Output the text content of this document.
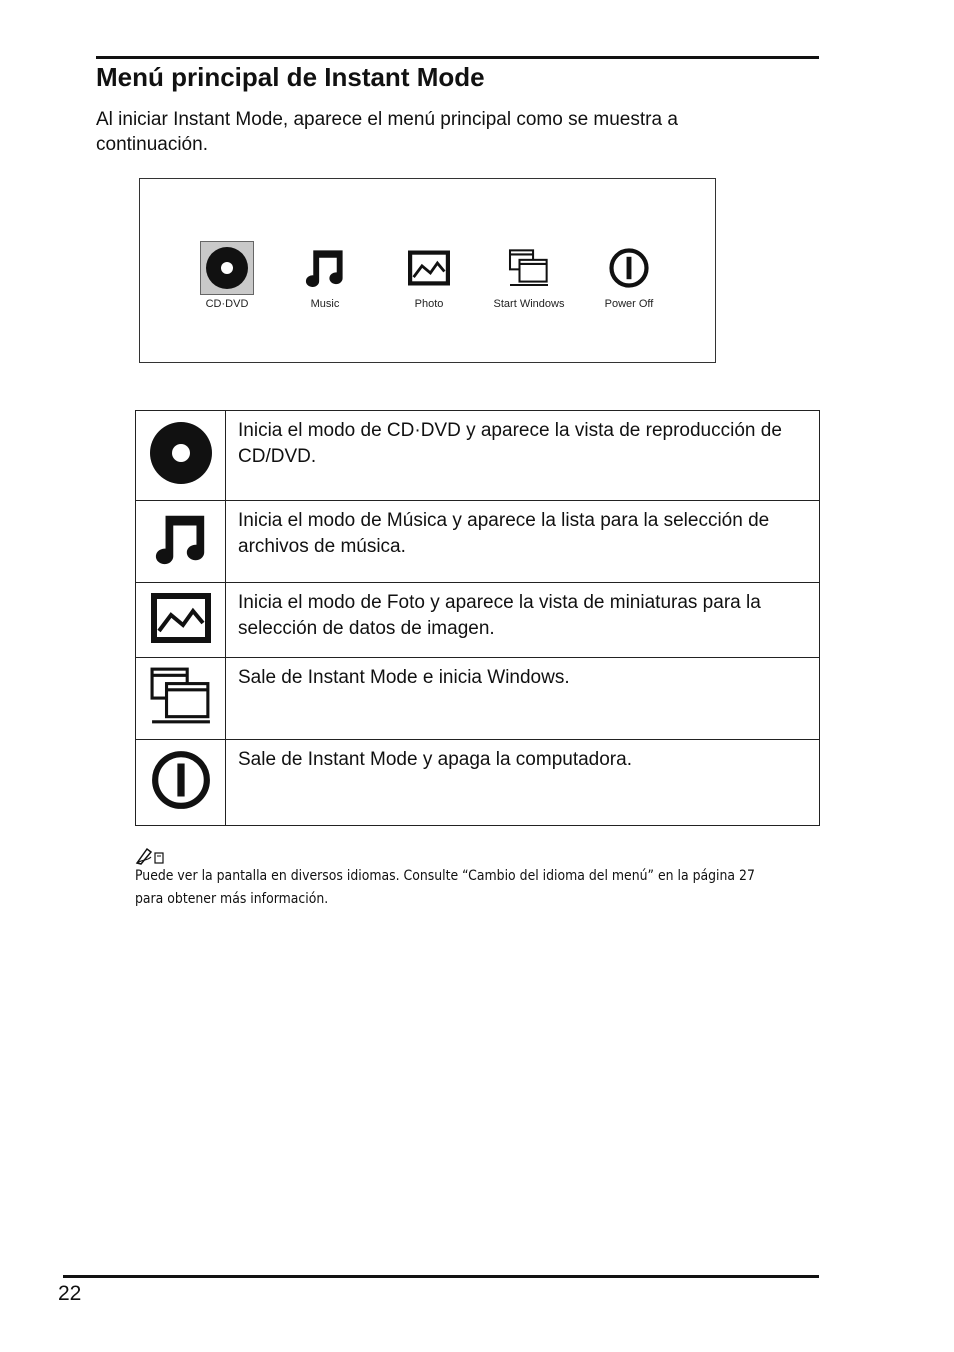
Menú principal de Instant Mode

Al iniciar Instant Mode, aparece el menú principal como se muestra a continuación.

CD·DVD	Music	Photo	Start Windows	Power Off
	Inicia el modo de CD·DVD y aparece la vista de reproducción de CD/DVD.
	Inicia el modo de Música y aparece la lista para la selección de archivos de música.
	Inicia el modo de Foto y aparece la vista de miniaturas para la selección de datos de imagen.
	Sale de Instant Mode e inicia Windows.
	Sale de Instant Mode y apaga la computadora.

Puede ver la pantalla en diversos idiomas. Consulte “Cambio del idioma del menú” en la página 27 para obtener más información.

22
